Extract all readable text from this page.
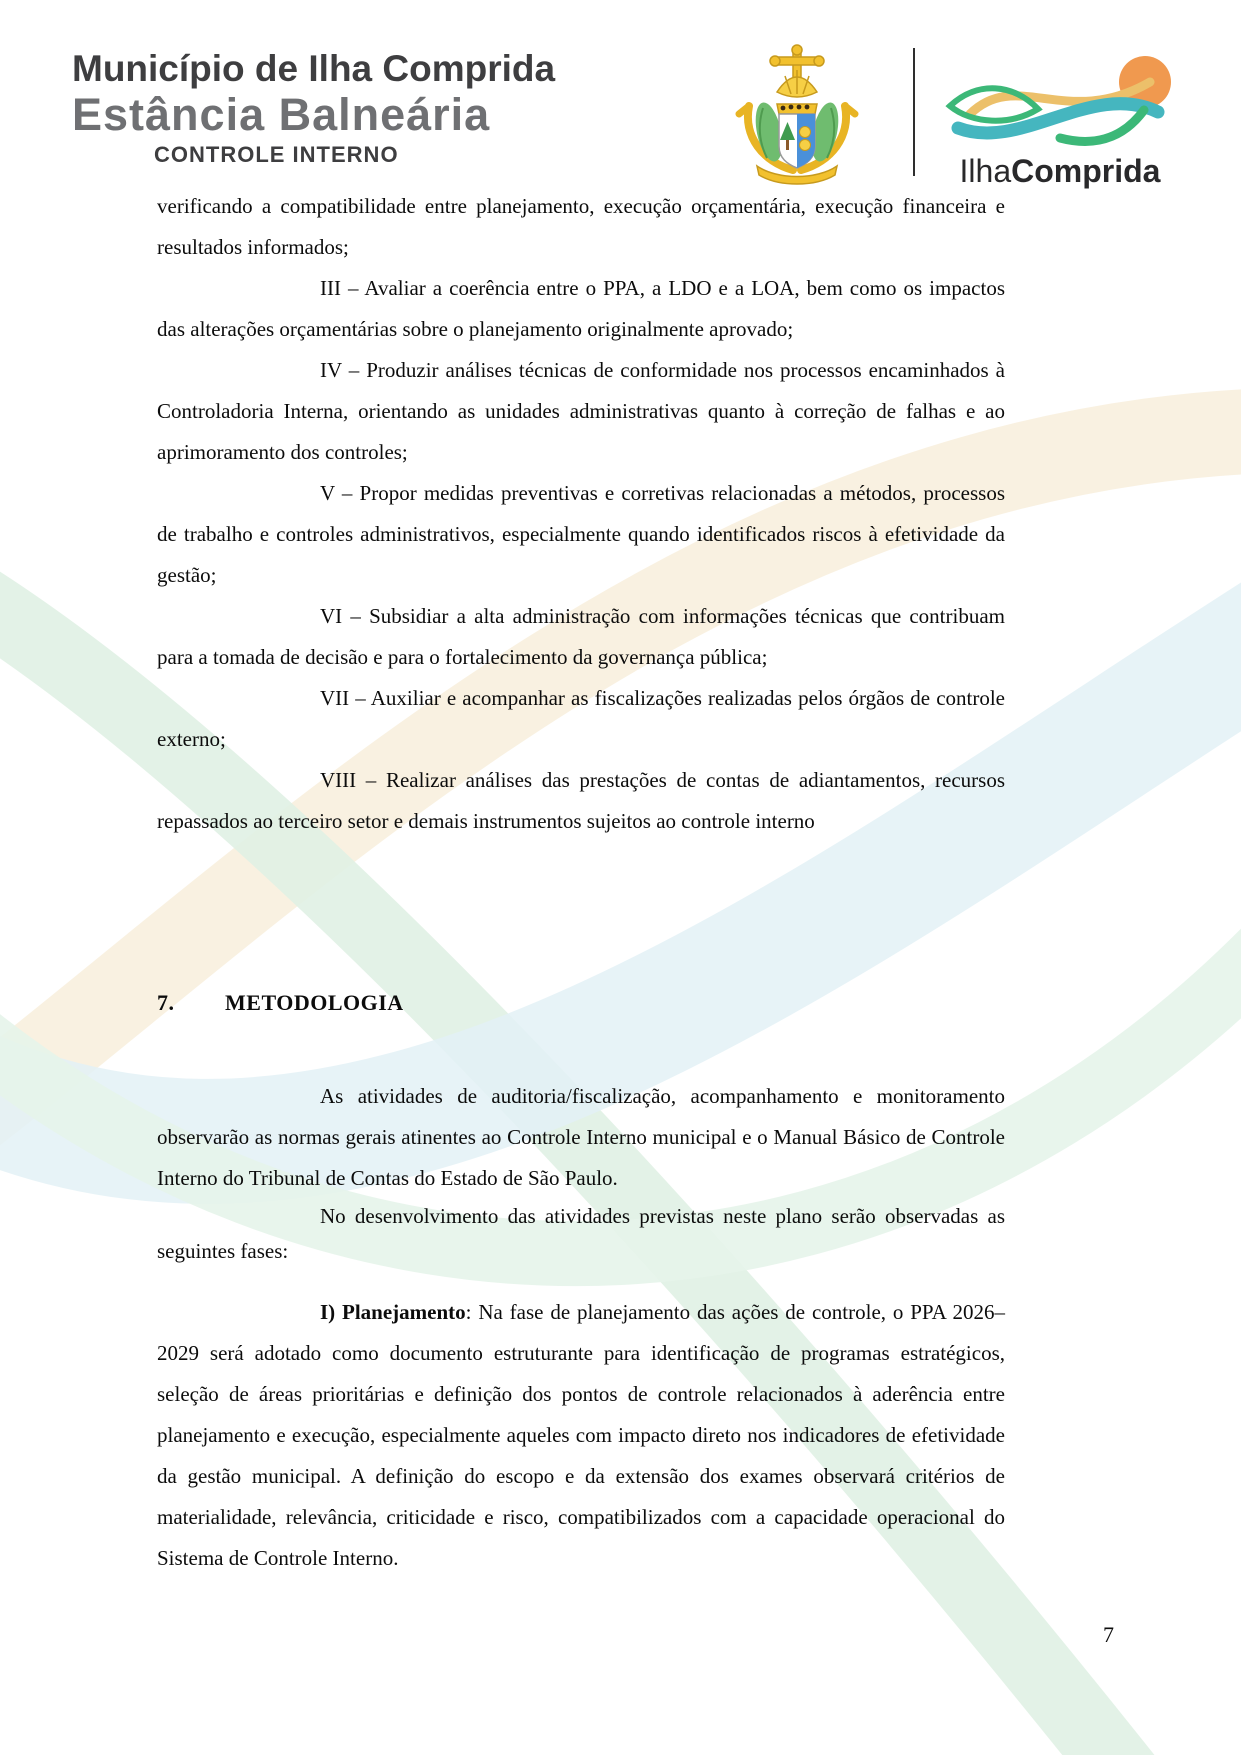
Município de Ilha Comprida
Estância Balneária
CONTROLE INTERNO	IlhaComprida

verificando a compatibilidade entre planejamento, execução orçamentária, execução financeira e resultados informados;

III – Avaliar a coerência entre o PPA, a LDO e a LOA, bem como os impactos das alterações orçamentárias sobre o planejamento originalmente aprovado;

IV – Produzir análises técnicas de conformidade nos processos encaminhados à Controladoria Interna, orientando as unidades administrativas quanto à correção de falhas e ao aprimoramento dos controles;

V – Propor medidas preventivas e corretivas relacionadas a métodos, processos de trabalho e controles administrativos, especialmente quando identificados riscos à efetividade da gestão;

VI – Subsidiar a alta administração com informações técnicas que contribuam para a tomada de decisão e para o fortalecimento da governança pública;

VII – Auxiliar e acompanhar as fiscalizações realizadas pelos órgãos de controle externo;

VIII – Realizar análises das prestações de contas de adiantamentos, recursos repassados ao terceiro setor e demais instrumentos sujeitos ao controle interno

7. METODOLOGIA

As atividades de auditoria/fiscalização, acompanhamento e monitoramento observarão as normas gerais atinentes ao Controle Interno municipal e o Manual Básico de Controle Interno do Tribunal de Contas do Estado de São Paulo.

No desenvolvimento das atividades previstas neste plano serão observadas as seguintes fases:

I) Planejamento: Na fase de planejamento das ações de controle, o PPA 2026–2029 será adotado como documento estruturante para identificação de programas estratégicos, seleção de áreas prioritárias e definição dos pontos de controle relacionados à aderência entre planejamento e execução, especialmente aqueles com impacto direto nos indicadores de efetividade da gestão municipal. A definição do escopo e da extensão dos exames observará critérios de materialidade, relevância, criticidade e risco, compatibilizados com a capacidade operacional do Sistema de Controle Interno.

7
